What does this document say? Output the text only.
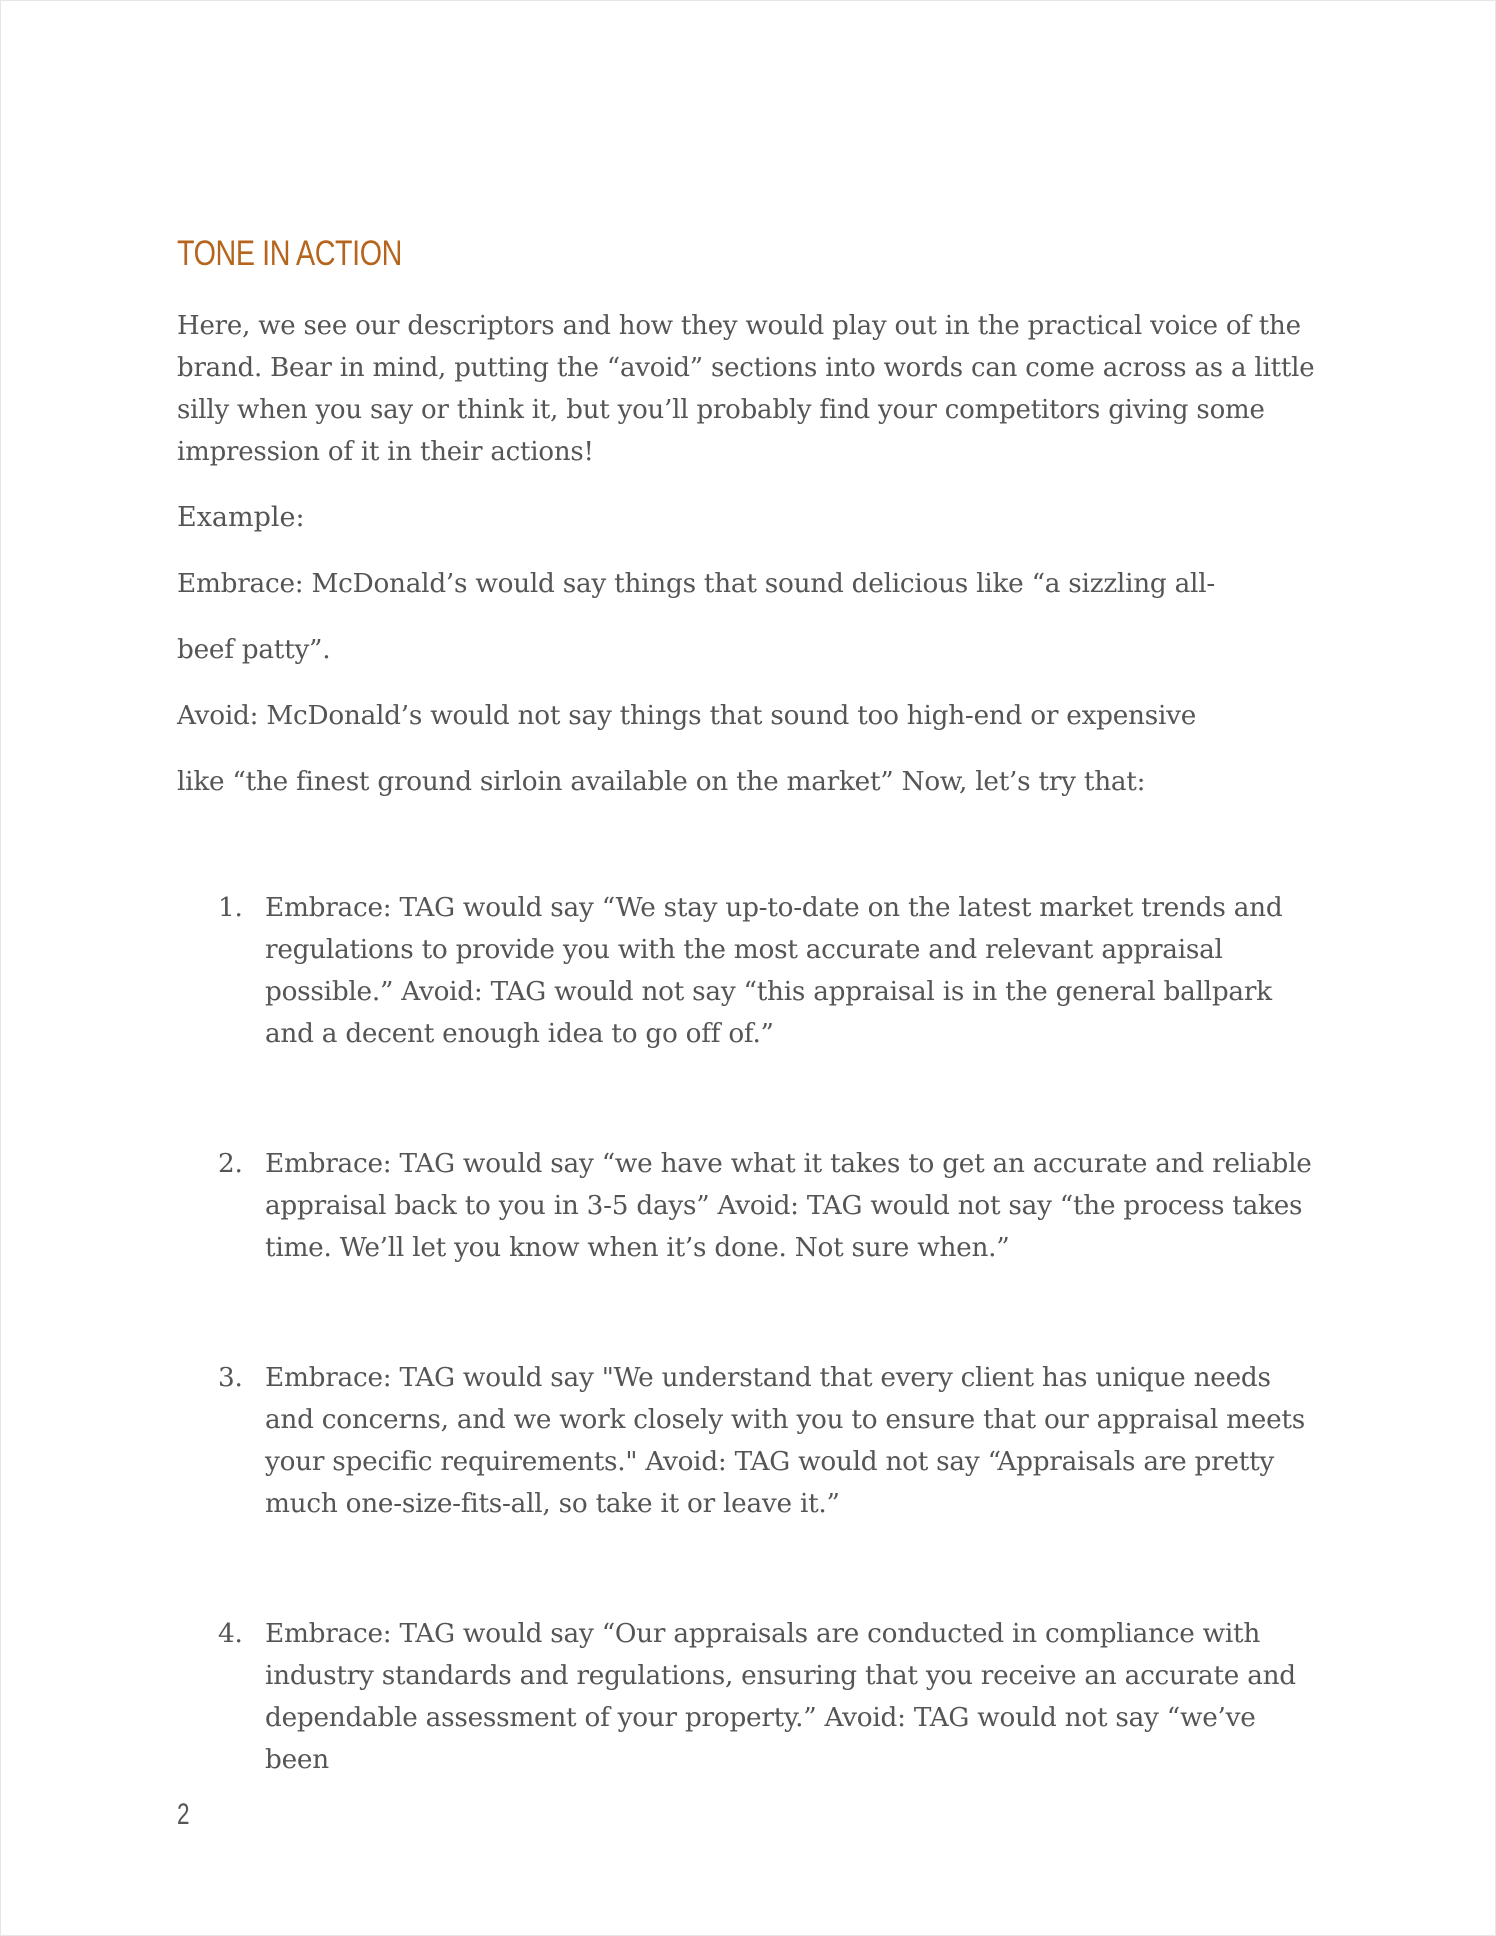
TONE IN ACTION

Here, we see our descriptors and how they would play out in the practical voice of the brand. Bear in mind, putting the “avoid” sections into words can come across as a little silly when you say or think it, but you’ll probably find your competitors giving some impression of it in their actions!

Example:

Embrace: McDonald’s would say things that sound delicious like “a sizzling all-

beef patty”.

Avoid: McDonald’s would not say things that sound too high-end or expensive

like “the finest ground sirloin available on the market” Now, let’s try that:

1. Embrace: TAG would say “We stay up-to-date on the latest market trends and regulations to provide you with the most accurate and relevant appraisal possible.” Avoid: TAG would not say “this appraisal is in the general ballpark and a decent enough idea to go off of.”
2. Embrace: TAG would say “we have what it takes to get an accurate and reliable appraisal back to you in 3-5 days” Avoid: TAG would not say “the process takes time. We’ll let you know when it’s done. Not sure when.”
3. Embrace: TAG would say "We understand that every client has unique needs and concerns, and we work closely with you to ensure that our appraisal meets your specific requirements." Avoid: TAG would not say “Appraisals are pretty much one-size-fits-all, so take it or leave it.”
4. Embrace: TAG would say “Our appraisals are conducted in compliance with industry standards and regulations, ensuring that you receive an accurate and dependable assessment of your property.” Avoid: TAG would not say “we’ve been
2
